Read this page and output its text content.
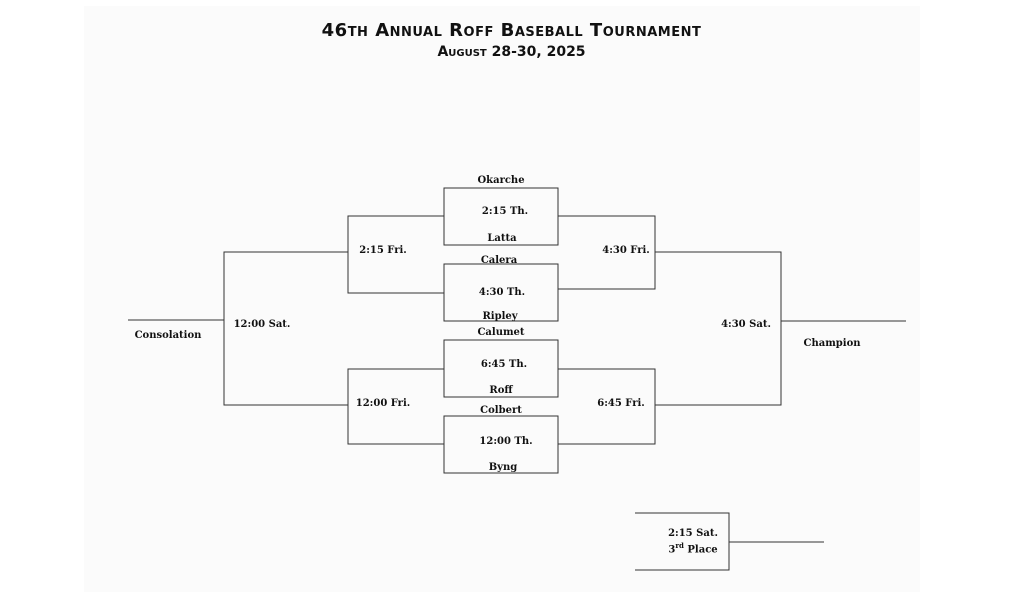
46th Annual Roff Baseball Tournament
August 28-30, 2025
Okarche
2:15 Th.
Latta
Calera
4:30 Th.
Ripley
Calumet
6:45 Th.
Roff
Colbert
12:00 Th.
Byng
2:15 Fri.
12:00 Fri.
12:00 Sat.
Consolation
4:30 Fri.
6:45 Fri.
4:30 Sat.
Champion
2:15 Sat.
3rd Place
